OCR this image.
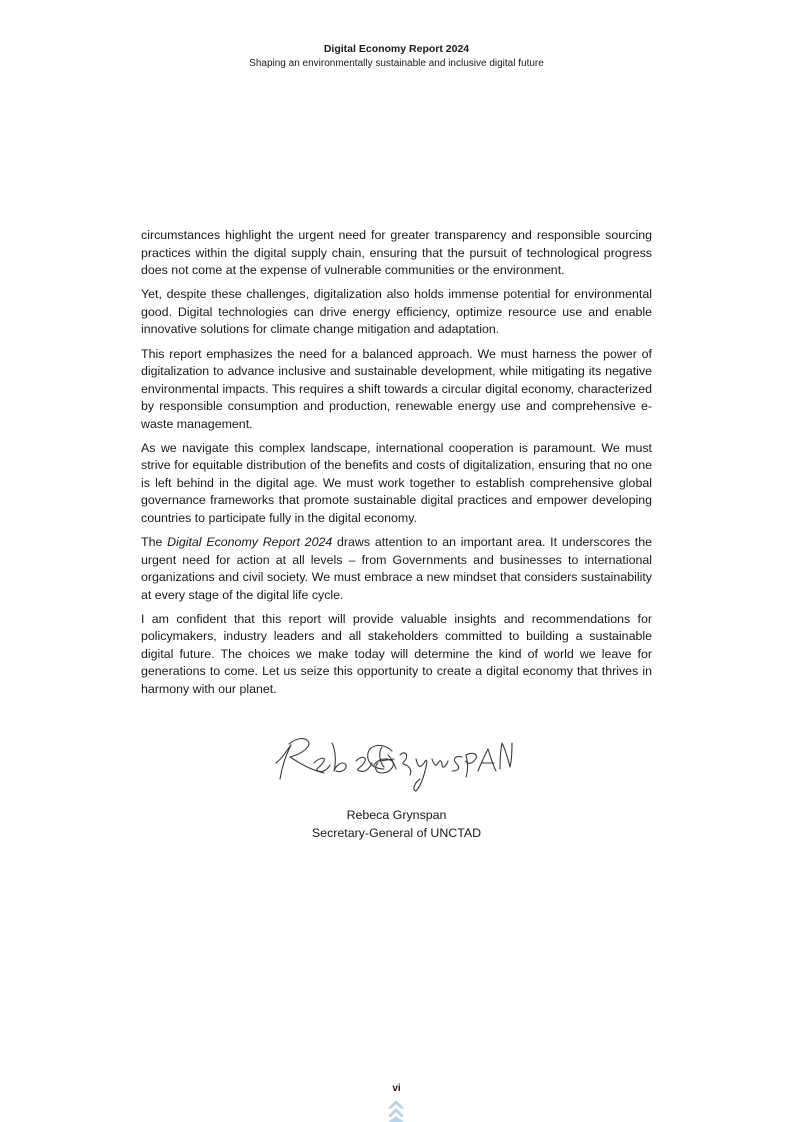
Digital Economy Report 2024
Shaping an environmentally sustainable and inclusive digital future

circumstances highlight the urgent need for greater transparency and responsible sourcing practices within the digital supply chain, ensuring that the pursuit of technological progress does not come at the expense of vulnerable communities or the environment.

Yet, despite these challenges, digitalization also holds immense potential for environmental good. Digital technologies can drive energy efficiency, optimize resource use and enable innovative solutions for climate change mitigation and adaptation.

This report emphasizes the need for a balanced approach. We must harness the power of digitalization to advance inclusive and sustainable development, while mitigating its negative environmental impacts. This requires a shift towards a circular digital economy, characterized by responsible consumption and production, renewable energy use and comprehensive e-waste management.

As we navigate this complex landscape, international cooperation is paramount. We must strive for equitable distribution of the benefits and costs of digitalization, ensuring that no one is left behind in the digital age. We must work together to establish comprehensive global governance frameworks that promote sustainable digital practices and empower developing countries to participate fully in the digital economy.

The Digital Economy Report 2024 draws attention to an important area. It underscores the urgent need for action at all levels – from Governments and businesses to international organizations and civil society. We must embrace a new mindset that considers sustainability at every stage of the digital life cycle.

I am confident that this report will provide valuable insights and recommendations for policymakers, industry leaders and all stakeholders committed to building a sustainable digital future. The choices we make today will determine the kind of world we leave for generations to come. Let us seize this opportunity to create a digital economy that thrives in harmony with our planet.

Rebeca Grynspan
Secretary-General of UNCTAD
vi
